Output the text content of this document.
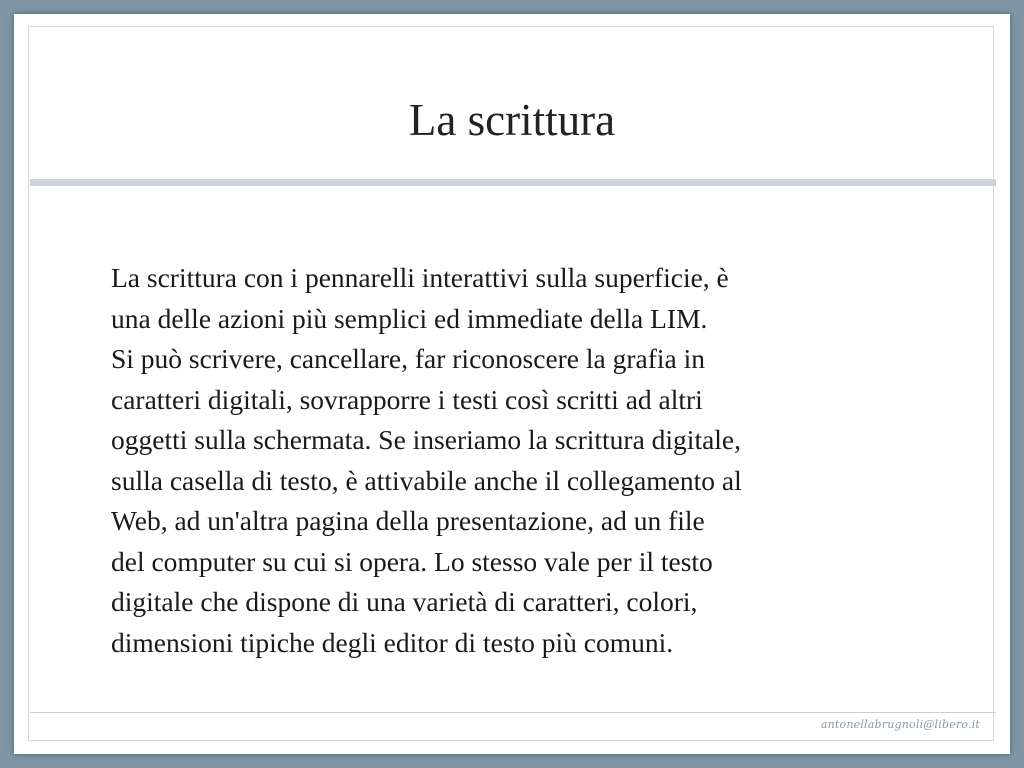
La scrittura

La scrittura con i pennarelli interattivi sulla superficie, è
una delle azioni più semplici ed immediate della LIM.
Si può scrivere, cancellare, far riconoscere la grafia in
caratteri digitali, sovrapporre i testi così scritti ad altri
oggetti sulla schermata. Se inseriamo la scrittura digitale,
sulla casella di testo, è attivabile anche il collegamento al
Web, ad un'altra pagina della presentazione, ad un file
del computer su cui si opera. Lo stesso vale per il testo
digitale che dispone di una varietà di caratteri, colori,
dimensioni tipiche degli editor di testo più comuni.

antonellabrugnoli@libero.it
